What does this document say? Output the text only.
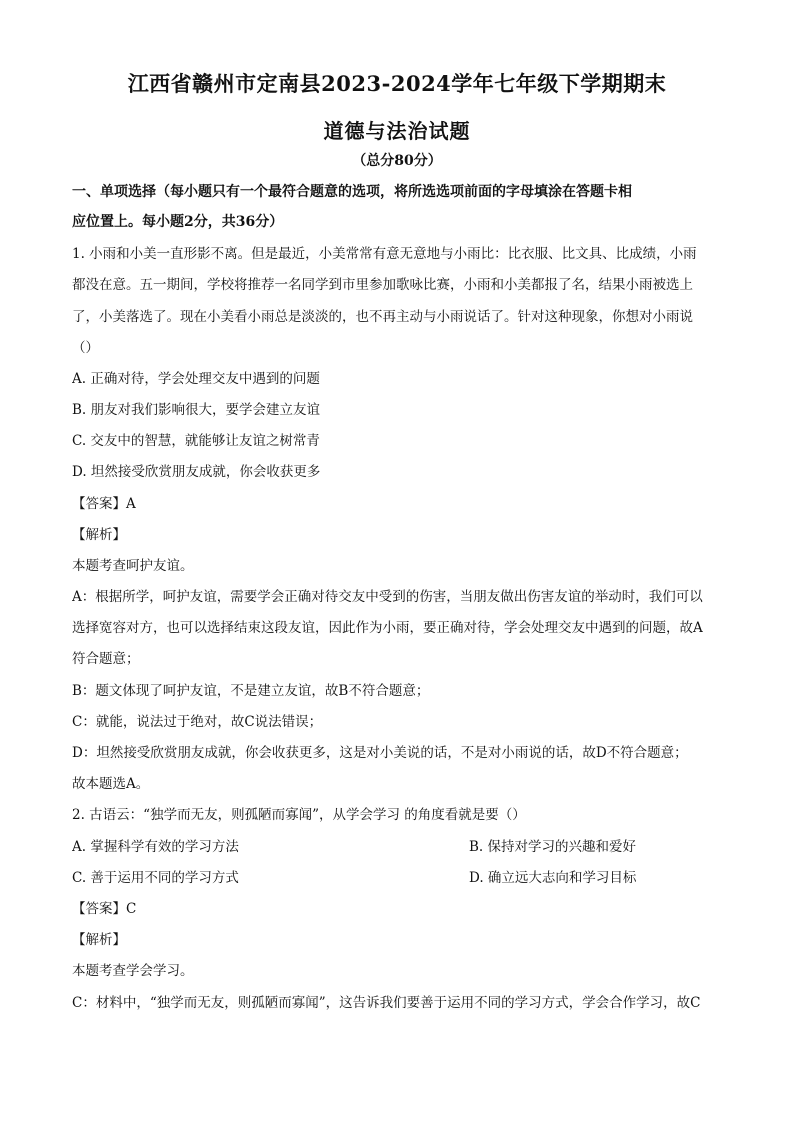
江西省赣州市定南县2023-2024学年七年级下学期期末
道德与法治试题
（总分80分）
一、单项选择（每小题只有一个最符合题意的选项，将所选选项前面的字母填涂在答题卡相
应位置上。每小题2分，共36分）
1. 小雨和小美一直形影不离。但是最近，小美常常有意无意地与小雨比：比衣服、比文具、比成绩，小雨
都没在意。五一期间，学校将推荐一名同学到市里参加歌咏比赛，小雨和小美都报了名，结果小雨被选上
了，小美落选了。现在小美看小雨总是淡淡的，也不再主动与小雨说话了。针对这种现象，你想对小雨说
（）
A. 正确对待，学会处理交友中遇到的问题
B. 朋友对我们影响很大，要学会建立友谊
C. 交友中的智慧，就能够让友谊之树常青
D. 坦然接受欣赏朋友成就，你会收获更多
【答案】A
【解析】
本题考查呵护友谊。
A：根据所学，呵护友谊，需要学会正确对待交友中受到的伤害，当朋友做出伤害友谊的举动时，我们可以
选择宽容对方，也可以选择结束这段友谊，因此作为小雨，要正确对待，学会处理交友中遇到的问题，故A
符合题意；
B：题文体现了呵护友谊，不是建立友谊，故B不符合题意；
C：就能，说法过于绝对，故C说法错误；
D：坦然接受欣赏朋友成就，你会收获更多，这是对小美说的话，不是对小雨说的话，故D不符合题意；
故本题选A。
2. 古语云：“独学而无友，则孤陋而寡闻”，从学会学习 的角度看就是要（）
A. 掌握科学有效的学习方法	B. 保持对学习的兴趣和爱好
C. 善于运用不同的学习方式	D. 确立远大志向和学习目标
【答案】C
【解析】
本题考查学会学习。
C：材料中，“独学而无友，则孤陋而寡闻”，这告诉我们要善于运用不同的学习方式，学会合作学习，故C
